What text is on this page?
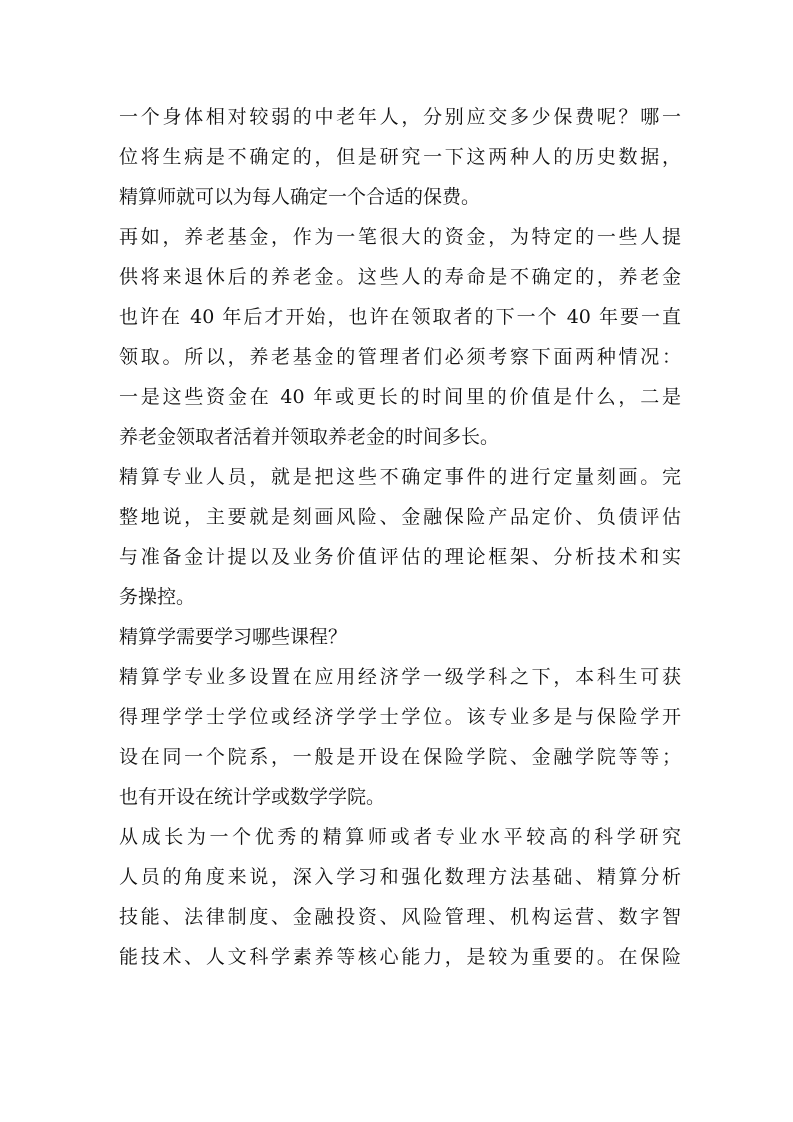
一个身体相对较弱的中老年人，分别应交多少保费呢？哪一
位将生病是不确定的，但是研究一下这两种人的历史数据，
精算师就可以为每人确定一个合适的保费。
再如，养老基金，作为一笔很大的资金，为特定的一些人提
供将来退休后的养老金。这些人的寿命是不确定的，养老金
也许在 40 年后才开始，也许在领取者的下一个 40 年要一直
领取。所以，养老基金的管理者们必须考察下面两种情况：
一是这些资金在 40 年或更长的时间里的价值是什么，二是
养老金领取者活着并领取养老金的时间多长。
精算专业人员，就是把这些不确定事件的进行定量刻画。完
整地说，主要就是刻画风险、金融保险产品定价、负债评估
与准备金计提以及业务价值评估的理论框架、分析技术和实
务操控。
精算学需要学习哪些课程？
精算学专业多设置在应用经济学一级学科之下，本科生可获
得理学学士学位或经济学学士学位。该专业多是与保险学开
设在同一个院系，一般是开设在保险学院、金融学院等等；
也有开设在统计学或数学学院。
从成长为一个优秀的精算师或者专业水平较高的科学研究
人员的角度来说，深入学习和强化数理方法基础、精算分析
技能、法律制度、金融投资、风险管理、机构运营、数字智
能技术、人文科学素养等核心能力，是较为重要的。在保险
